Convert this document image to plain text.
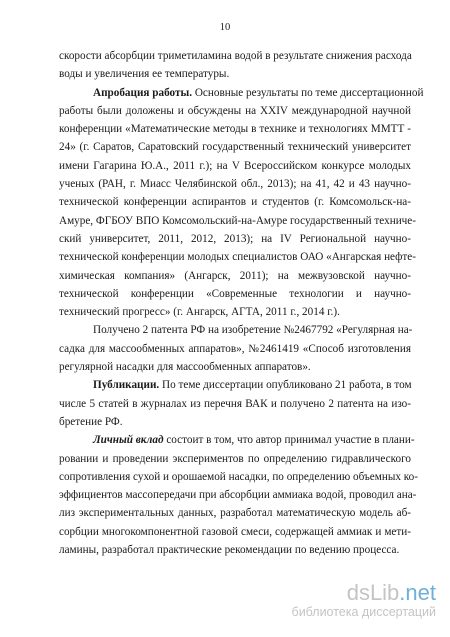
10
скорости абсорбции триметиламина водой в результате снижения расхода
воды и увеличения ее температуры.
Апробация работы. Основные результаты по теме диссертационной
работы были доложены и обсуждены на XXIV международной научной
конференции «Математические методы в технике и технологиях ММТТ -
24» (г. Саратов, Саратовский государственный технический университет
имени Гагарина Ю.А., 2011 г.); на V Всероссийском конкурсе молодых
ученых (РАН, г. Миасс Челябинской обл., 2013); на 41, 42 и 43 научно-
технической конференции аспирантов и студентов (г. Комсомольск-на-
Амуре, ФГБОУ ВПО Комсомольский-на-Амуре государственный техниче-
ский университет, 2011, 2012, 2013); на IV Региональной научно-
технической конференции молодых специалистов ОАО «Ангарская нефте-
химическая компания» (Ангарск, 2011); на межвузовской научно-
технической конференции «Современные технологии и научно-
технический прогресс» (г. Ангарск, АГТА, 2011 г., 2014 г.).
Получено 2 патента РФ на изобретение №2467792 «Регулярная на-
садка для массообменных аппаратов», №2461419 «Способ изготовления
регулярной насадки для массообменных аппаратов».
Публикации. По теме диссертации опубликовано 21 работа, в том
числе 5 статей в журналах из перечня ВАК и получено 2 патента на изо-
бретение РФ.
Личный вклад состоит в том, что автор принимал участие в плани-
ровании и проведении экспериментов по определению гидравлического
сопротивления сухой и орошаемой насадки, по определению объемных ко-
эффициентов массопередачи при абсорбции аммиака водой, проводил ана-
лиз экспериментальных данных, разработал математическую модель аб-
сорбции многокомпонентной газовой смеси, содержащей аммиак и мети-
ламины, разработал практические рекомендации по ведению процесса.
dsLib.net
библиотека диссертаций
